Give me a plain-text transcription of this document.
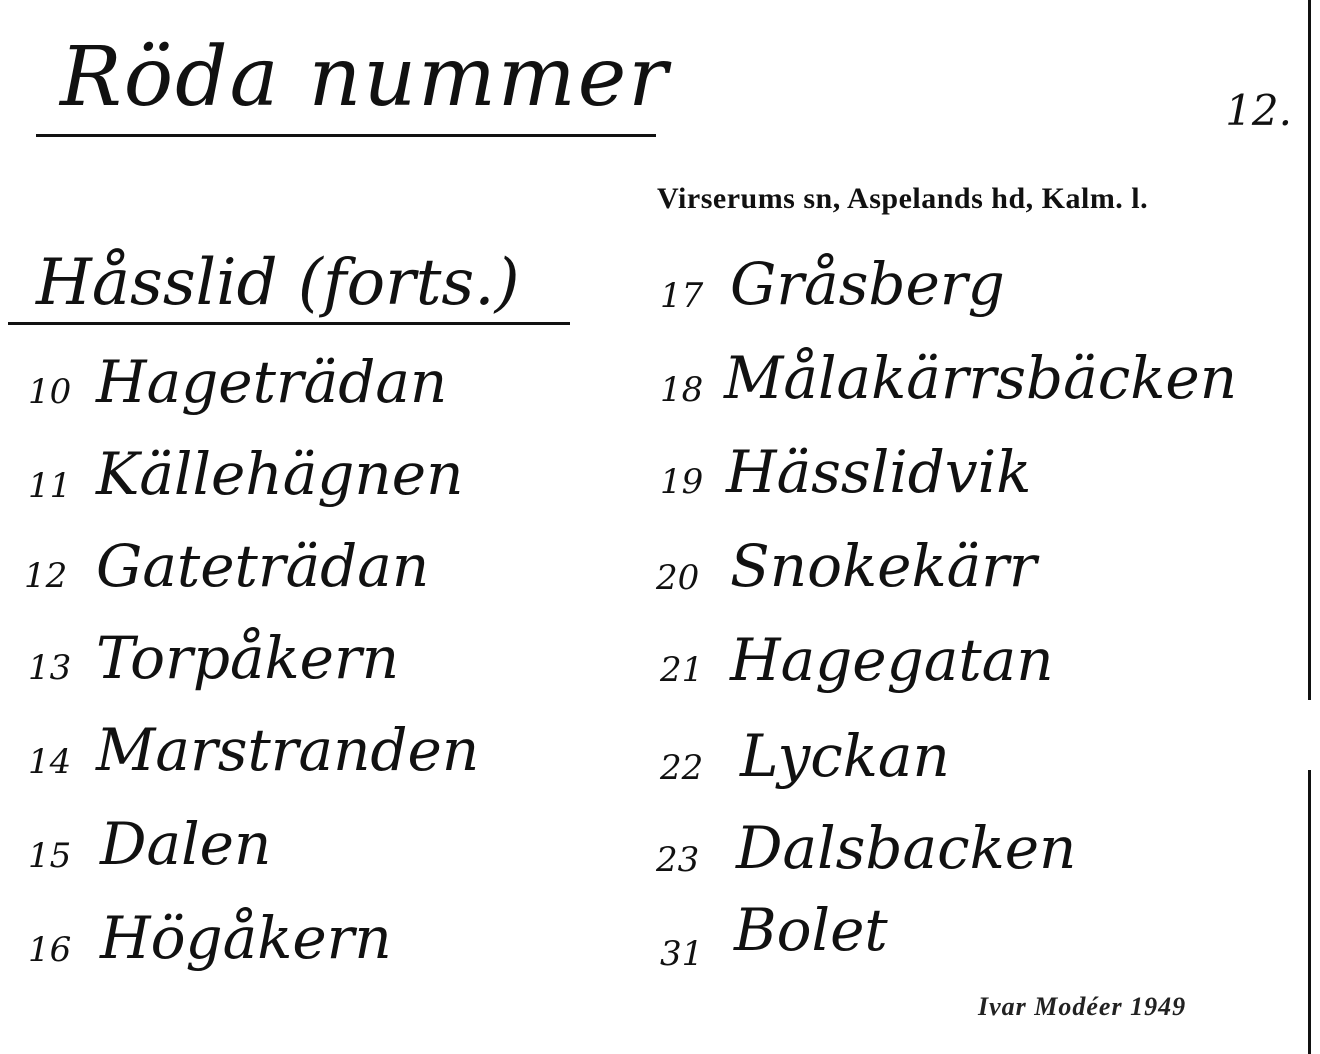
Röda nummer	12.
Virserums sn, Aspelands hd, Kalm. l.
Håsslid (forts.)
10 Hageträdan
11 Källehägnen
12 Gateträdan
13 Torpåkern
14 Marstranden
15 Dalen
16 Högåkern
17 Gråsberg
18 Målakärrsbäcken
19 Hässlidvik
20 Snokekärr
21 Hagegatan
22 Lyckan
23 Dalsbacken
31 Bolet
Ivar Modéer 1949
